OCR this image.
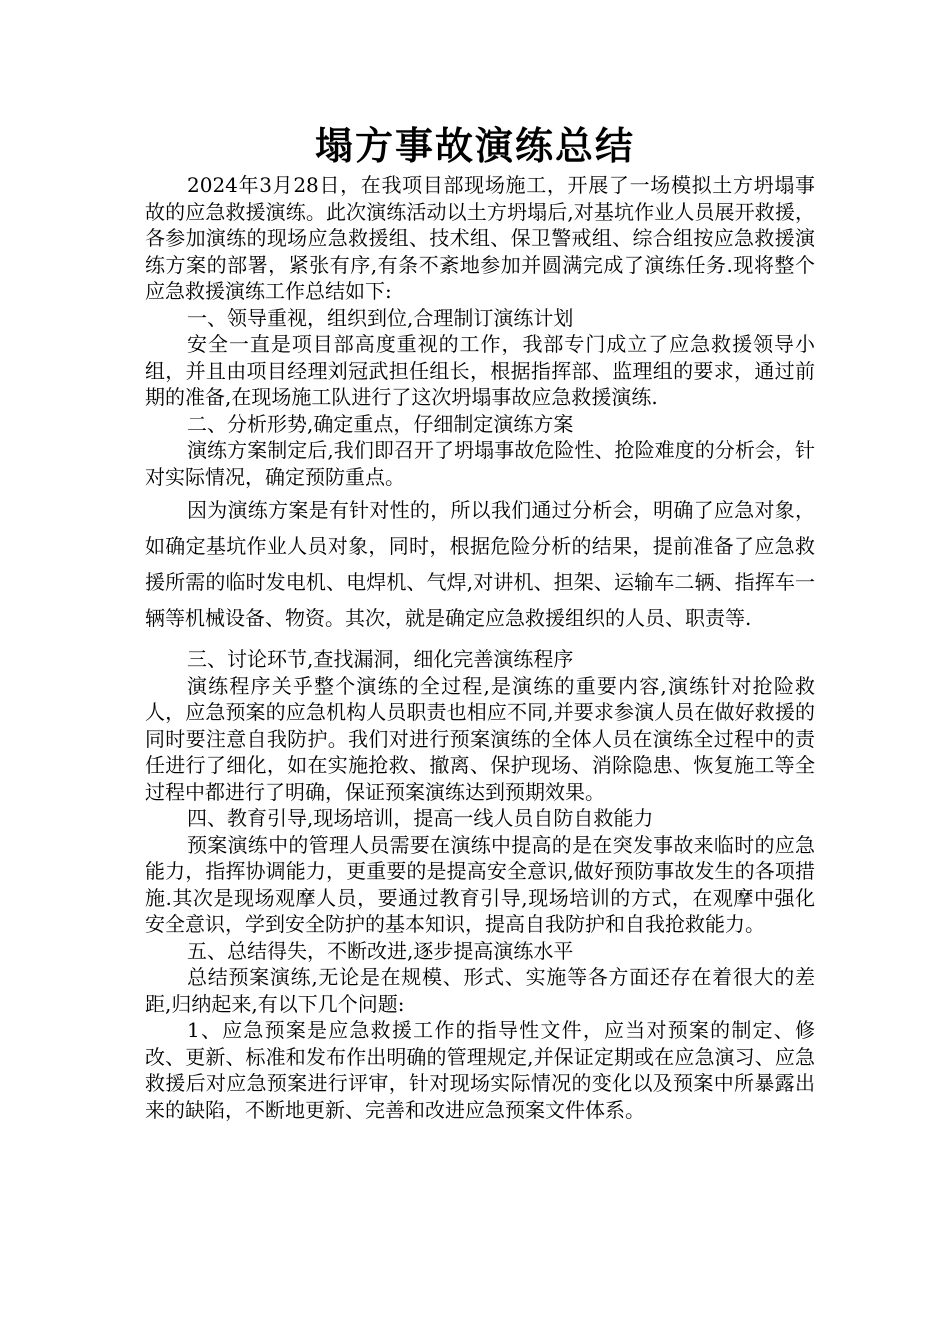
塌方事故演练总结

2024年3月28日，在我项目部现场施工，开展了一场模拟土方坍塌事故的应急救援演练。此次演练活动以土方坍塌后,对基坑作业人员展开救援，各参加演练的现场应急救援组、技术组、保卫警戒组、综合组按应急救援演练方案的部署，紧张有序,有条不紊地参加并圆满完成了演练任务.现将整个应急救援演练工作总结如下:

一、领导重视，组织到位,合理制订演练计划

安全一直是项目部高度重视的工作，我部专门成立了应急救援领导小组，并且由项目经理刘冠武担任组长，根据指挥部、监理组的要求，通过前期的准备,在现场施工队进行了这次坍塌事故应急救援演练.

二、分析形势,确定重点，仔细制定演练方案

演练方案制定后,我们即召开了坍塌事故危险性、抢险难度的分析会，针对实际情况，确定预防重点。

因为演练方案是有针对性的，所以我们通过分析会，明确了应急对象，如确定基坑作业人员对象，同时，根据危险分析的结果，提前准备了应急救援所需的临时发电机、电焊机、气焊,对讲机、担架、运输车二辆、指挥车一辆等机械设备、物资。其次，就是确定应急救援组织的人员、职责等.

三、讨论环节,查找漏洞，细化完善演练程序

演练程序关乎整个演练的全过程,是演练的重要内容,演练针对抢险救人，应急预案的应急机构人员职责也相应不同,并要求参演人员在做好救援的同时要注意自我防护。我们对进行预案演练的全体人员在演练全过程中的责任进行了细化，如在实施抢救、撤离、保护现场、消除隐患、恢复施工等全过程中都进行了明确，保证预案演练达到预期效果。

四、教育引导,现场培训，提高一线人员自防自救能力

预案演练中的管理人员需要在演练中提高的是在突发事故来临时的应急能力，指挥协调能力，更重要的是提高安全意识,做好预防事故发生的各项措施.其次是现场观摩人员，要通过教育引导,现场培训的方式，在观摩中强化安全意识，学到安全防护的基本知识，提高自我防护和自我抢救能力。

五、总结得失，不断改进,逐步提高演练水平

总结预案演练,无论是在规模、形式、实施等各方面还存在着很大的差距,归纳起来,有以下几个问题:

1、应急预案是应急救援工作的指导性文件，应当对预案的制定、修改、更新、标准和发布作出明确的管理规定,并保证定期或在应急演习、应急救援后对应急预案进行评审，针对现场实际情况的变化以及预案中所暴露出来的缺陷，不断地更新、完善和改进应急预案文件体系。
